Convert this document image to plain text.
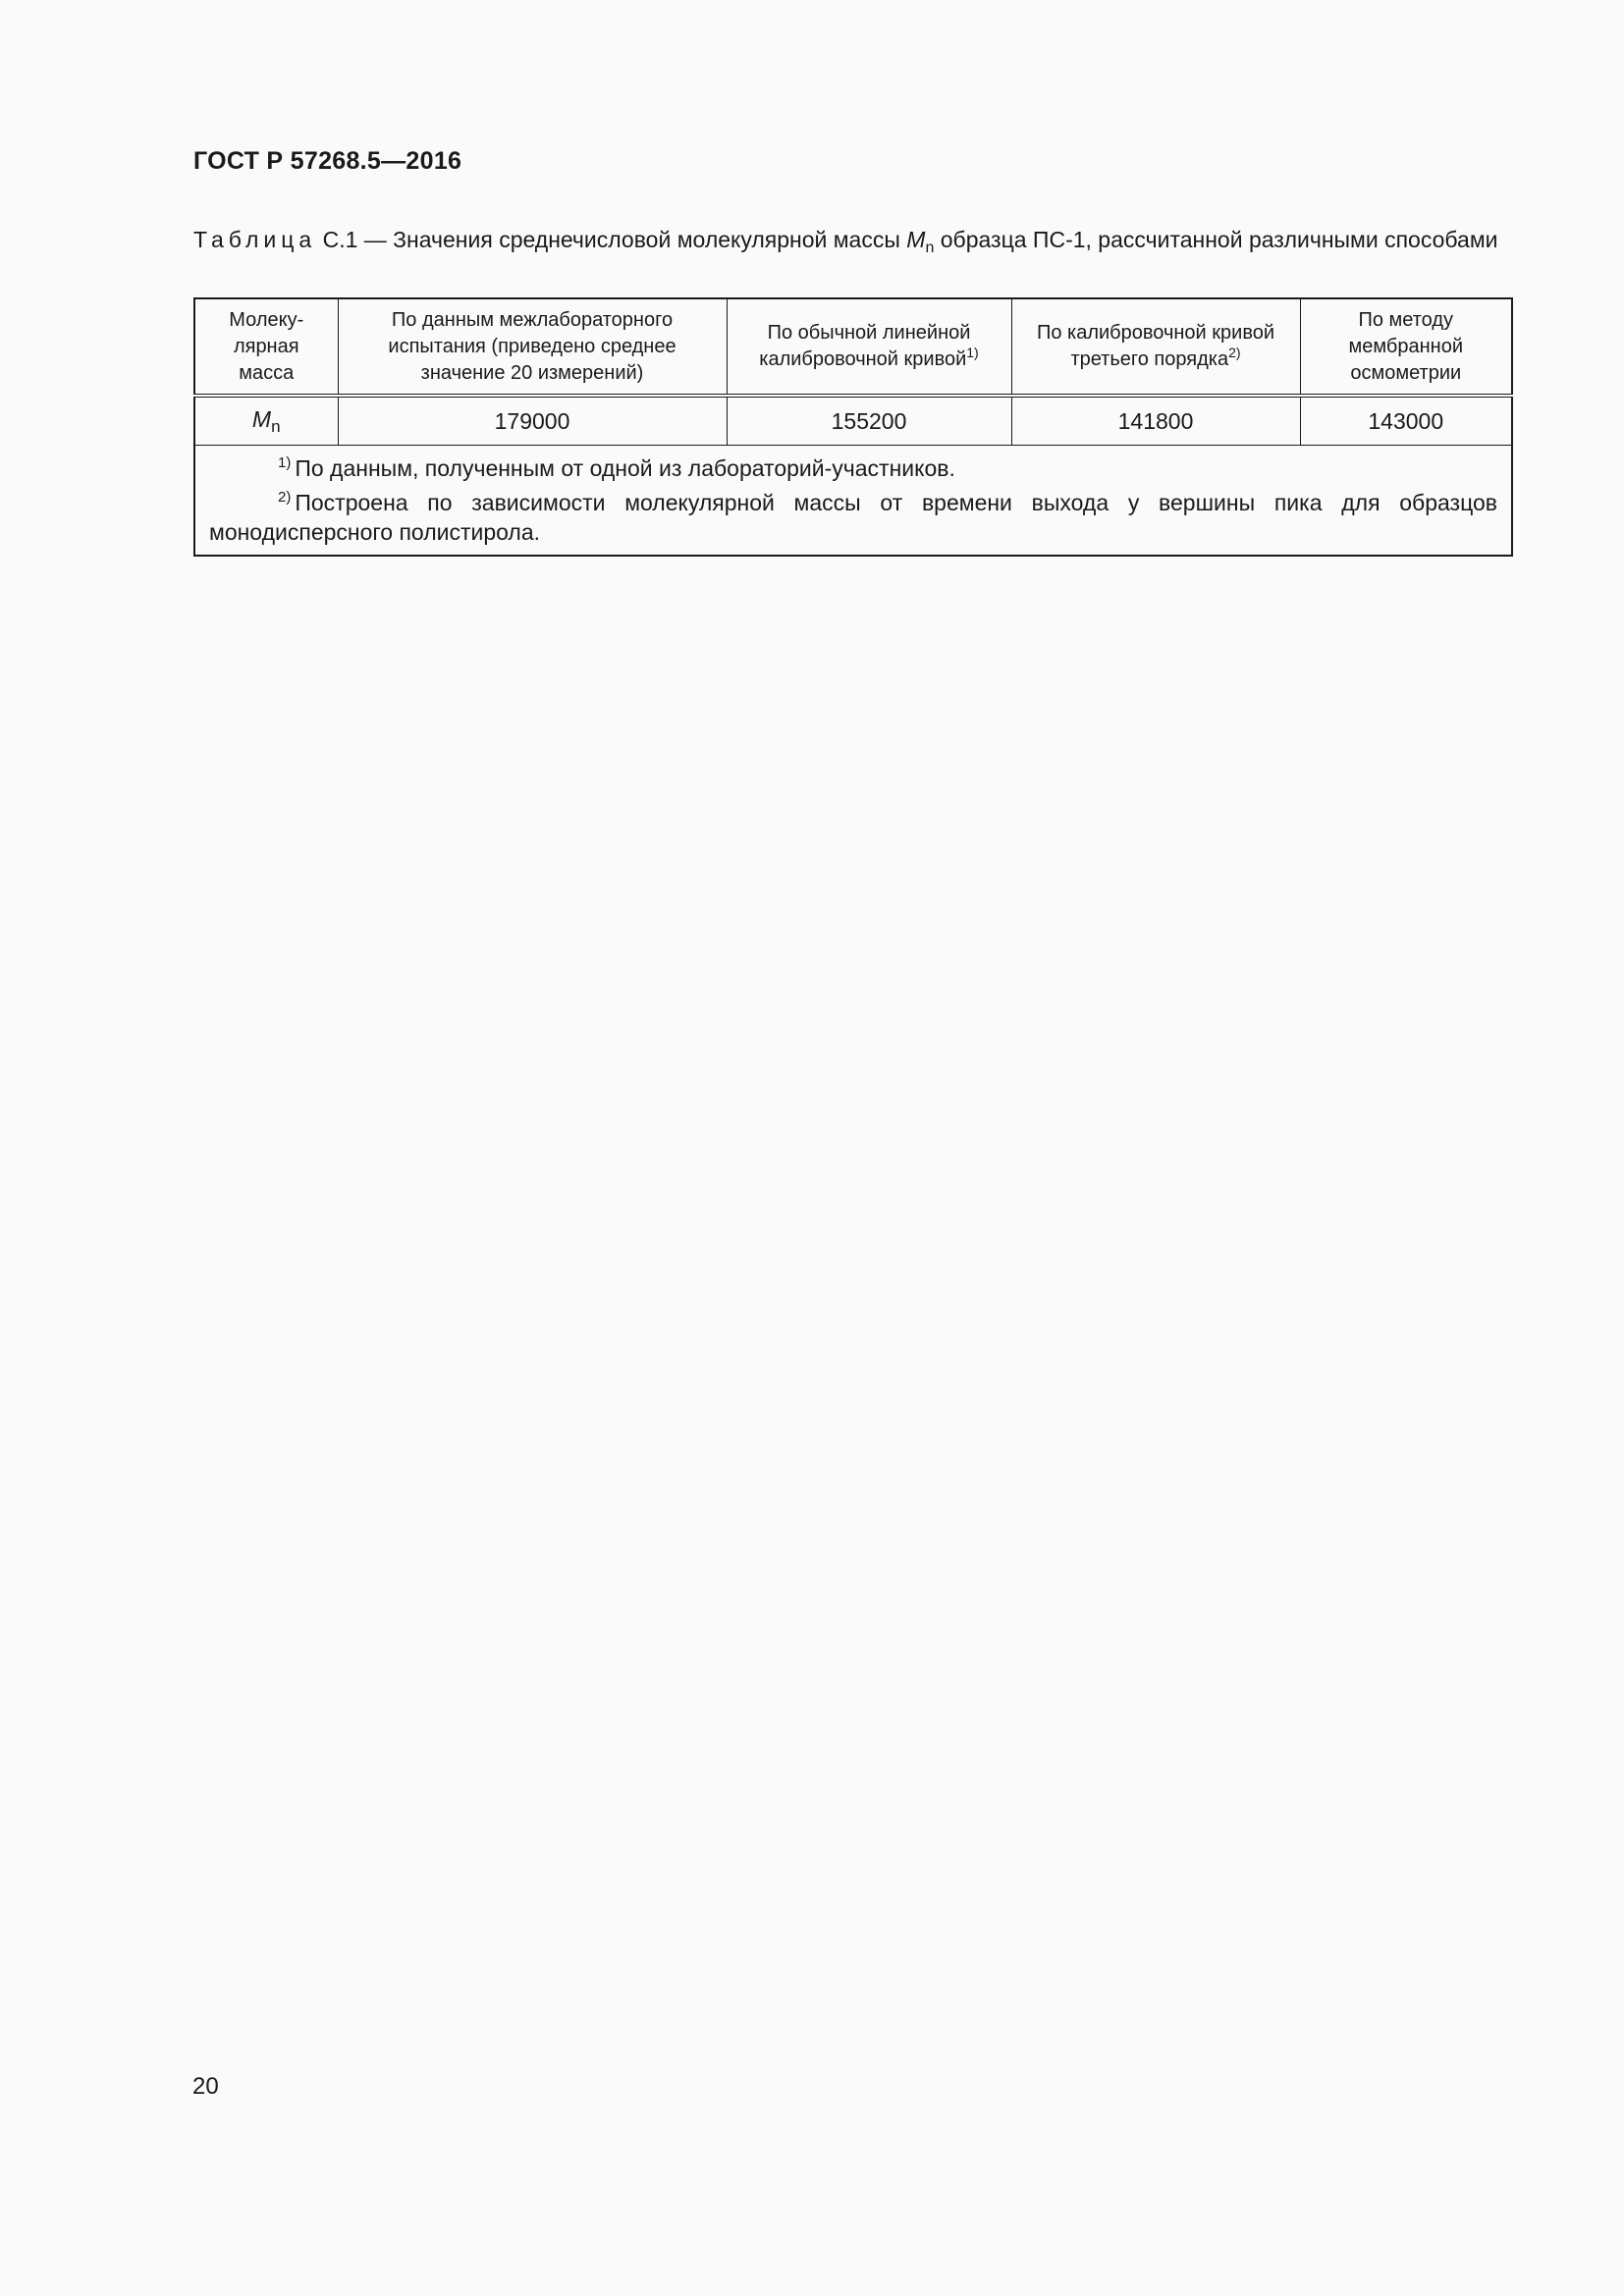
ГОСТ Р 57268.5—2016
Таблица С.1 — Значения среднечисловой молекулярной массы $M_n$ образца ПС-1, рассчитанной различными способами
Молеку-
лярная
масса	По данным межлабораторного испытания (приведено среднее значение 20 измерений)	По обычной линейной калибровочной кривой$^{1)}$	По калибровочной кривой третьего порядка$^{2)}$	По методу мембранной осмометрии
$M_n$	179000	155200	141800	143000

$^{1)}$ По данным, полученным от одной из лабораторий-участников.

$^{2)}$ Построена по зависимости молекулярной массы от времени выхода у вершины пика для образцов монодисперсного полистирола.				

20
